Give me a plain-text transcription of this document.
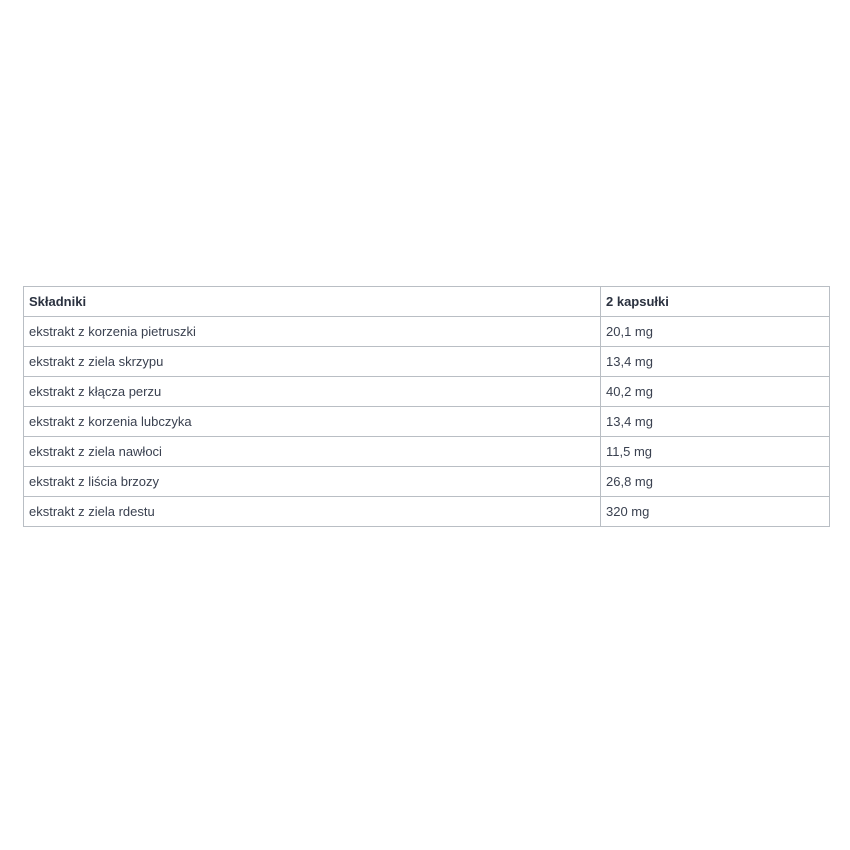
Składniki	2 kapsułki
ekstrakt z korzenia pietruszki	20,1 mg
ekstrakt z ziela skrzypu	13,4 mg
ekstrakt z kłącza perzu	40,2 mg
ekstrakt z korzenia lubczyka	13,4 mg
ekstrakt z ziela nawłoci	11,5 mg
ekstrakt z liścia brzozy	26,8 mg
ekstrakt z ziela rdestu	320 mg
